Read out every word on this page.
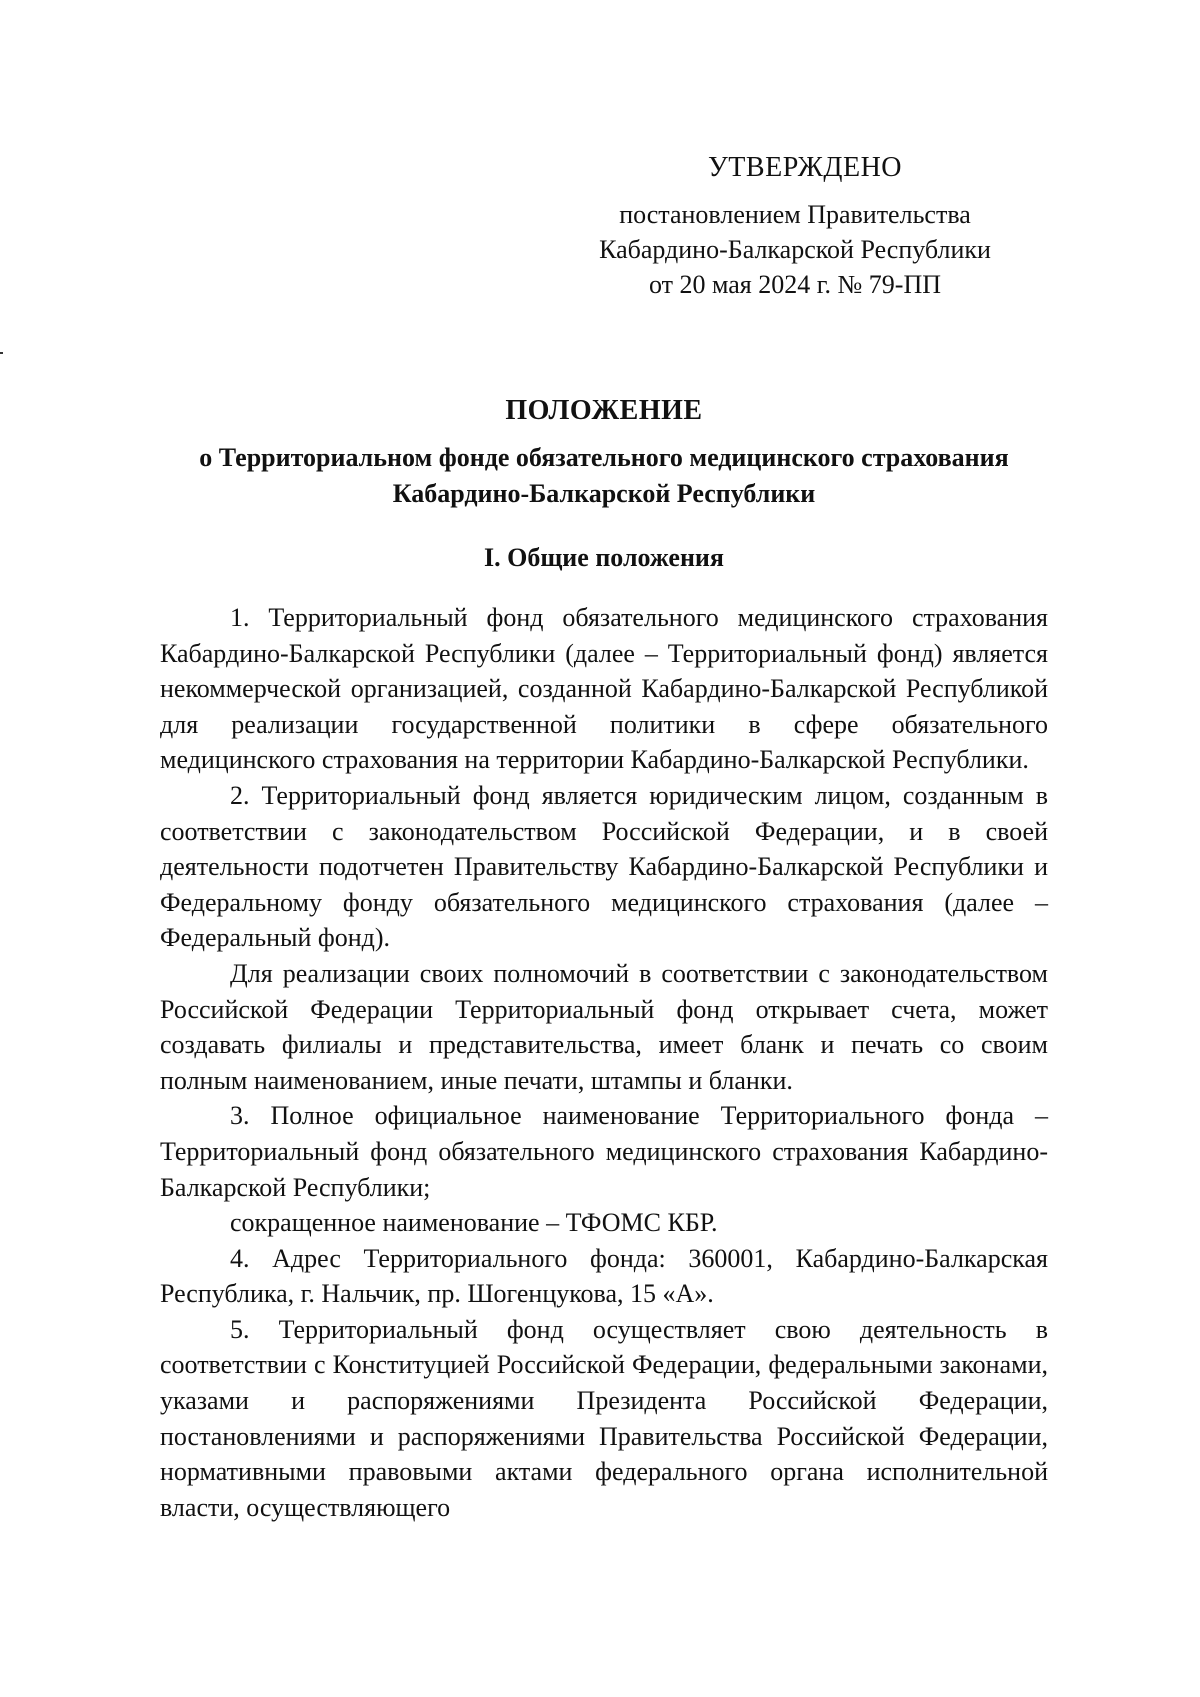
УТВЕРЖДЕНО
постановлением Правительства
Кабардино-Балкарской Республики
от 20 мая 2024 г. № 79-ПП
ПОЛОЖЕНИЕ

о Территориальном фонде обязательного медицинского страхования Кабардино-Балкарской Республики

I. Общие положения

1. Территориальный фонд обязательного медицинского страхования Кабардино-Балкарской Республики (далее – Территориальный фонд) является некоммерческой организацией, созданной Кабардино-Балкарской Республикой для реализации государственной политики в сфере обязательного медицинского страхования на территории Кабардино-Балкарской Республики.

2. Территориальный фонд является юридическим лицом, созданным в соответствии с законодательством Российской Федерации, и в своей деятельности подотчетен Правительству Кабардино-Балкарской Республики и Федеральному фонду обязательного медицинского страхования (далее – Федеральный фонд).

Для реализации своих полномочий в соответствии с законодательством Российской Федерации Территориальный фонд открывает счета, может создавать филиалы и представительства, имеет бланк и печать со своим полным наименованием, иные печати, штампы и бланки.

3. Полное официальное наименование Территориального фонда – Территориальный фонд обязательного медицинского страхования Кабардино-Балкарской Республики;

сокращенное наименование – ТФОМС КБР.

4. Адрес Территориального фонда: 360001, Кабардино-Балкарская Республика, г. Нальчик, пр. Шогенцукова, 15 «А».

5. Территориальный фонд осуществляет свою деятельность в соответствии с Конституцией Российской Федерации, федеральными законами, указами и распоряжениями Президента Российской Федерации, постановлениями и распоряжениями Правительства Российской Федерации, нормативными правовыми актами федерального органа исполнительной власти, осуществляющего
